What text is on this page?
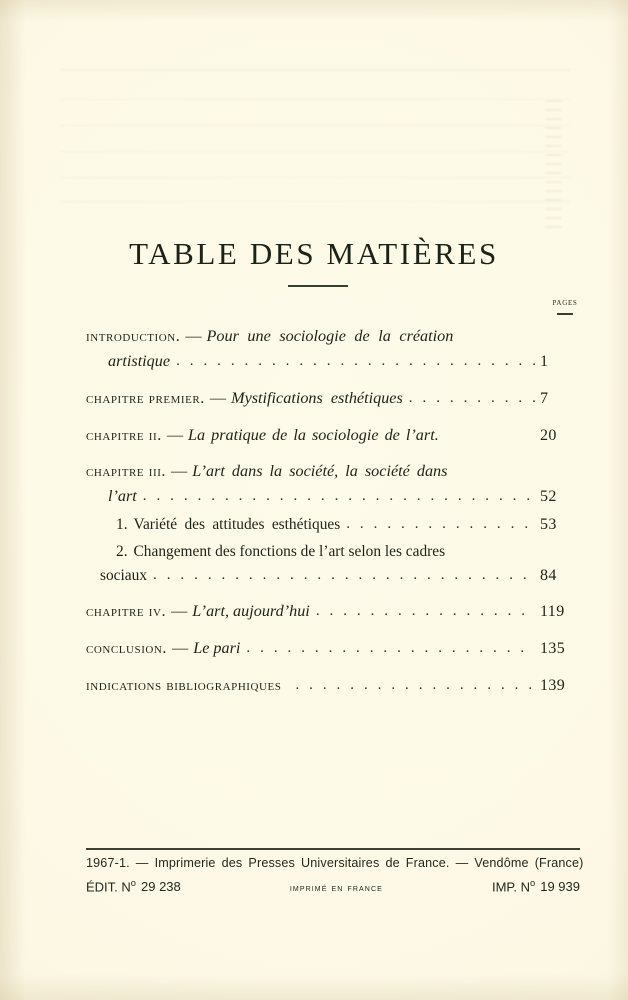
TABLE DES MATIÈRES
pages
introduction. — Pour une sociologie de la création
artistique . . .	1
chapitre premier. — Mystifications esthétiques . . .	7
chapitre ii. — La pratique de la sociologie de l’art.	20
chapitre iii. — L’art dans la société, la société dans
l’art . . .	52
1. Variété des attitudes esthétiques . . .	53
2. Changement des fonctions de l’art selon les cadres
sociaux . . .	84
chapitre iv. — L’art, aujourd’hui . . .	119
conclusion. — Le pari . . .	135
indications bibliographiques . . .	139
1967-1. — Imprimerie des Presses Universitaires de France. — Vendôme (France)
ÉDIT. $N^o$ 29 238	imprimé en france	IMP. $N^o$ 19 939
